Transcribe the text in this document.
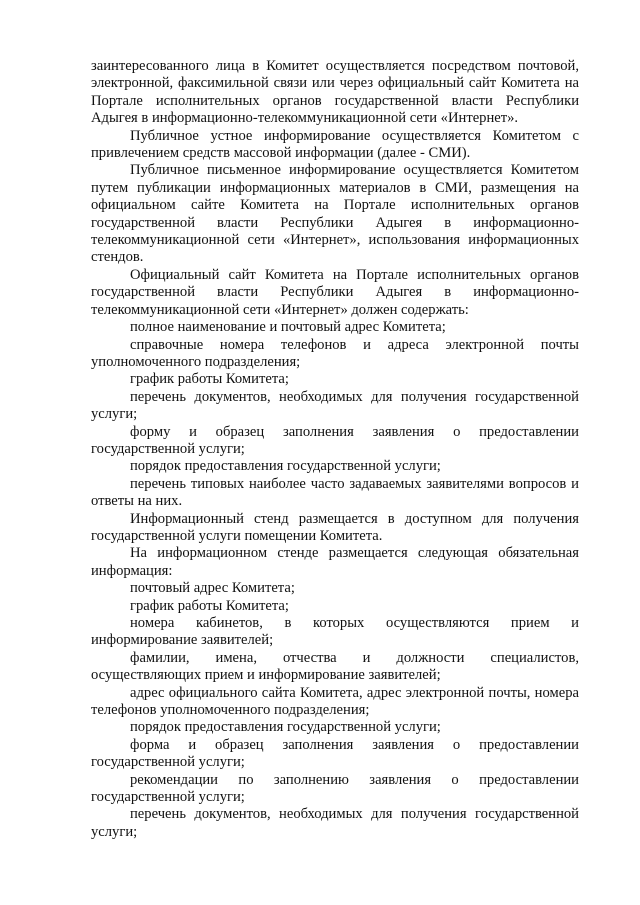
заинтересованного лица в Комитет осуществляется посредством почтовой, электронной, факсимильной связи или через официальный сайт Комитета на Портале исполнительных органов государственной власти Республики Адыгея в информационно-телекоммуникационной сети «Интернет».

Публичное устное информирование осуществляется Комитетом с привлечением средств массовой информации (далее - СМИ).

Публичное письменное информирование осуществляется Комитетом путем публикации информационных материалов в СМИ, размещения на официальном сайте Комитета на Портале исполнительных органов государственной власти Республики Адыгея в информационно-телекоммуникационной сети «Интернет», использования информационных стендов.

Официальный сайт Комитета на Портале исполнительных органов государственной власти Республики Адыгея в информационно-телекоммуникационной сети «Интернет» должен содержать:

полное наименование и почтовый адрес Комитета;

справочные номера телефонов и адреса электронной почты уполномоченного подразделения;

график работы Комитета;

перечень документов, необходимых для получения государственной услуги;

форму и образец заполнения заявления о предоставлении государственной услуги;

порядок предоставления государственной услуги;

перечень типовых наиболее часто задаваемых заявителями вопросов и ответы на них.

Информационный стенд размещается в доступном для получения государственной услуги помещении Комитета.

На информационном стенде размещается следующая обязательная информация:

почтовый адрес Комитета;

график работы Комитета;

номера кабинетов, в которых осуществляются прием и информирование заявителей;

фамилии, имена, отчества и должности специалистов, осуществляющих прием и информирование заявителей;

адрес официального сайта Комитета, адрес электронной почты, номера телефонов уполномоченного подразделения;

порядок предоставления государственной услуги;

форма и образец заполнения заявления о предоставлении государственной услуги;

рекомендации по заполнению заявления о предоставлении государственной услуги;

перечень документов, необходимых для получения государственной услуги;
